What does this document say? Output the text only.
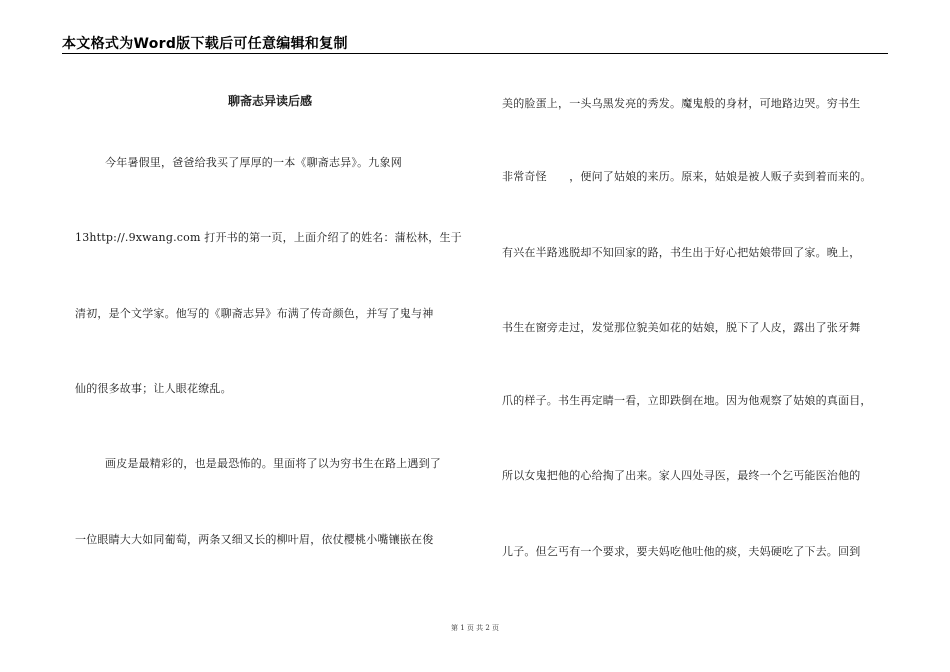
本文格式为Word版下载后可任意编辑和复制
聊斋志异读后感
今年暑假里，爸爸给我买了厚厚的一本《聊斋志异》。九象网
13http://.9xwang.com 打开书的第一页，上面介绍了的姓名：蒲松林，生于
清初，是个文学家。他写的《聊斋志异》布满了传奇颜色，并写了鬼与神
仙的很多故事；让人眼花缭乱。
画皮是最精彩的，也是最恐怖的。里面将了以为穷书生在路上遇到了
一位眼睛大大如同葡萄，两条又细又长的柳叶眉，依仗樱桃小嘴镶嵌在俊
美的脸蛋上，一头乌黑发亮的秀发。魔鬼般的身材，可地路边哭。穷书生
非常奇怪　　，便问了姑娘的来历。原来，姑娘是被人贩子卖到着而来的。
有兴在半路逃脱却不知回家的路，书生出于好心把姑娘带回了家。晚上，
书生在窗旁走过，发觉那位貌美如花的姑娘，脱下了人皮，露出了张牙舞
爪的样子。书生再定睛一看，立即跌倒在地。因为他观察了姑娘的真面目，
所以女鬼把他的心给掏了出来。家人四处寻医，最终一个乞丐能医治他的
儿子。但乞丐有一个要求，要夫妈吃他吐他的痰，夫妈硬吃了下去。回到
第 1 页 共 2 页
